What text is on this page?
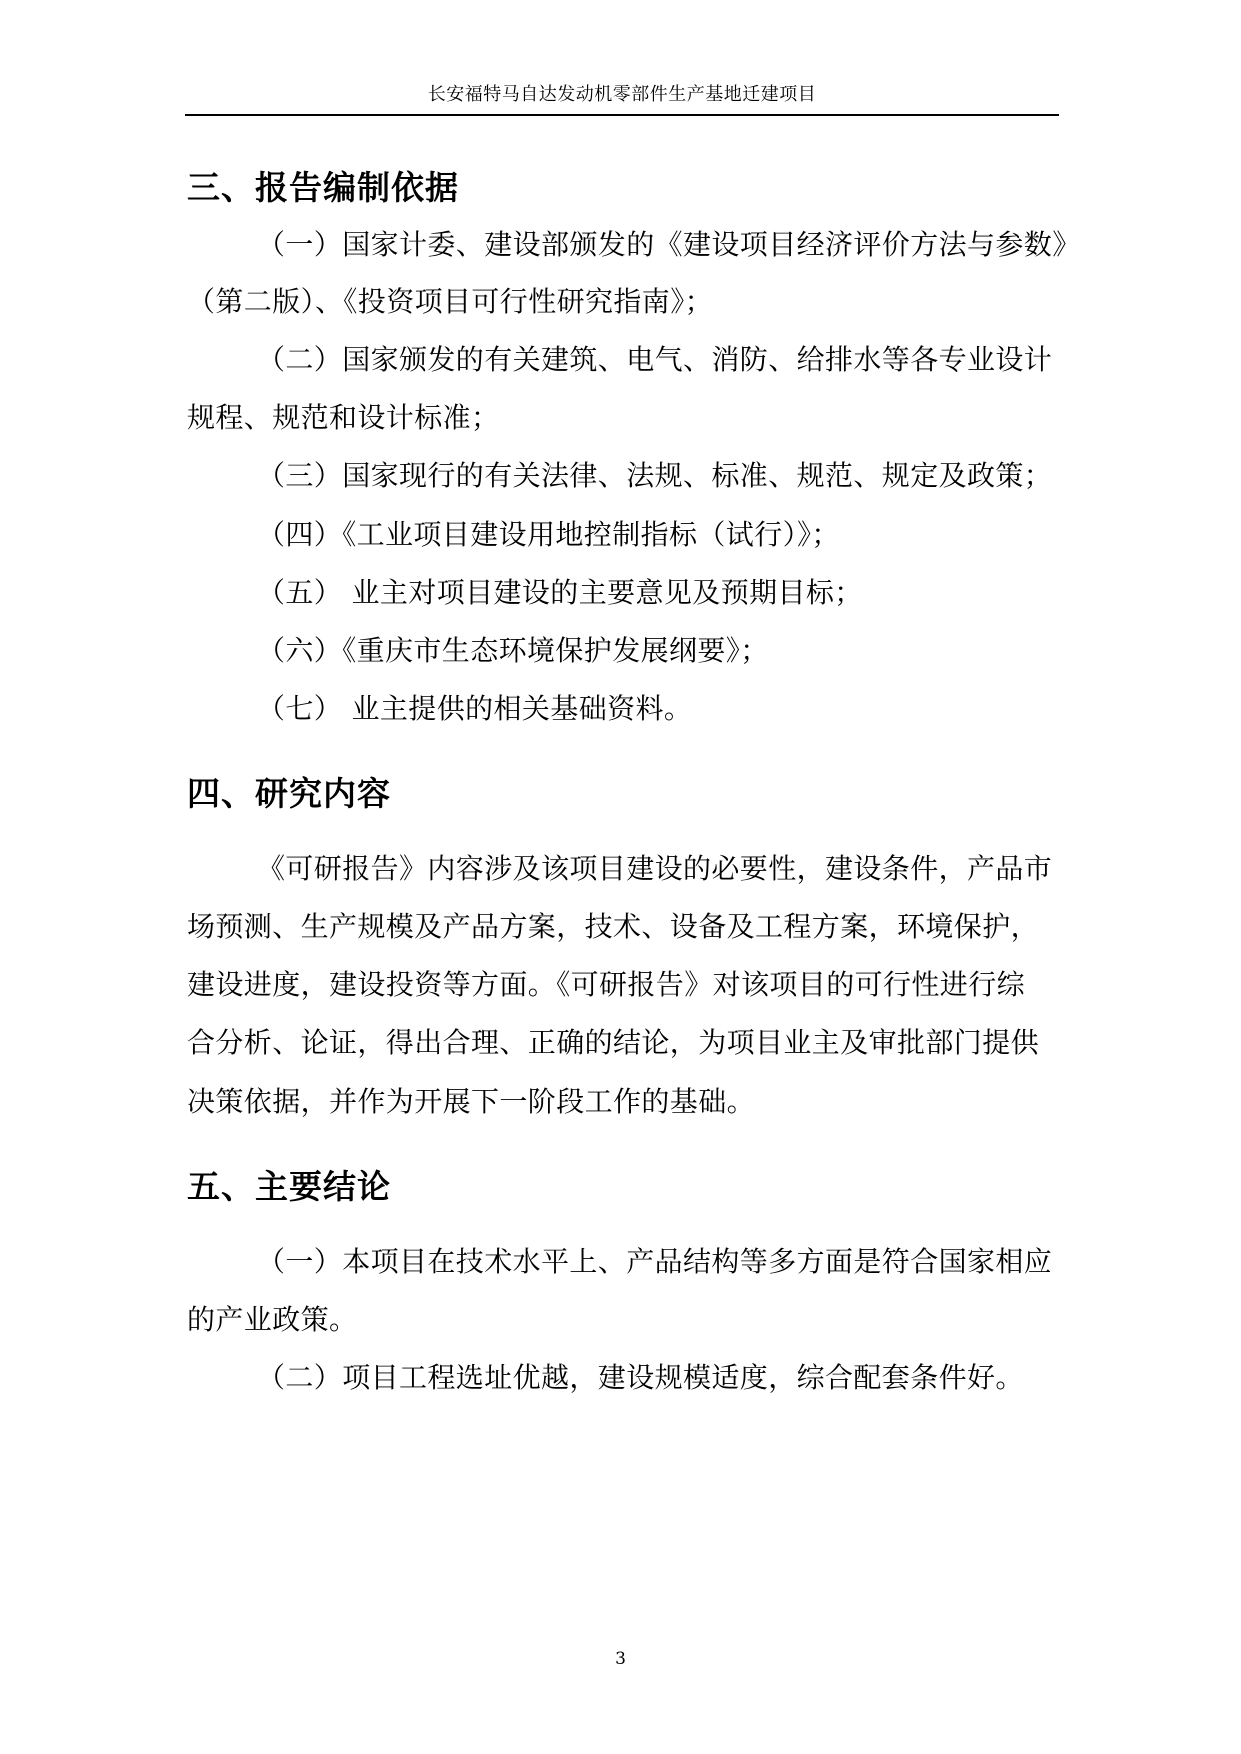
长安福特马自达发动机零部件生产基地迁建项目
三、报告编制依据
（一）国家计委、建设部颁发的《建设项目经济评价方法与参数》
（第二版）、《投资项目可行性研究指南》；
（二）国家颁发的有关建筑、电气、消防、给排水等各专业设计
规程、规范和设计标准；
（三）国家现行的有关法律、法规、标准、规范、规定及政策；
（四）《工业项目建设用地控制指标（试行）》；
（五） 业主对项目建设的主要意见及预期目标；
（六）《重庆市生态环境保护发展纲要》；
（七） 业主提供的相关基础资料。
四、研究内容
《可研报告》内容涉及该项目建设的必要性，建设条件，产品市
场预测、生产规模及产品方案，技术、设备及工程方案，环境保护，
建设进度，建设投资等方面。《可研报告》对该项目的可行性进行综
合分析、论证，得出合理、正确的结论，为项目业主及审批部门提供
决策依据，并作为开展下一阶段工作的基础。
五、主要结论
（一）本项目在技术水平上、产品结构等多方面是符合国家相应
的产业政策。
（二）项目工程选址优越，建设规模适度，综合配套条件好。
3
